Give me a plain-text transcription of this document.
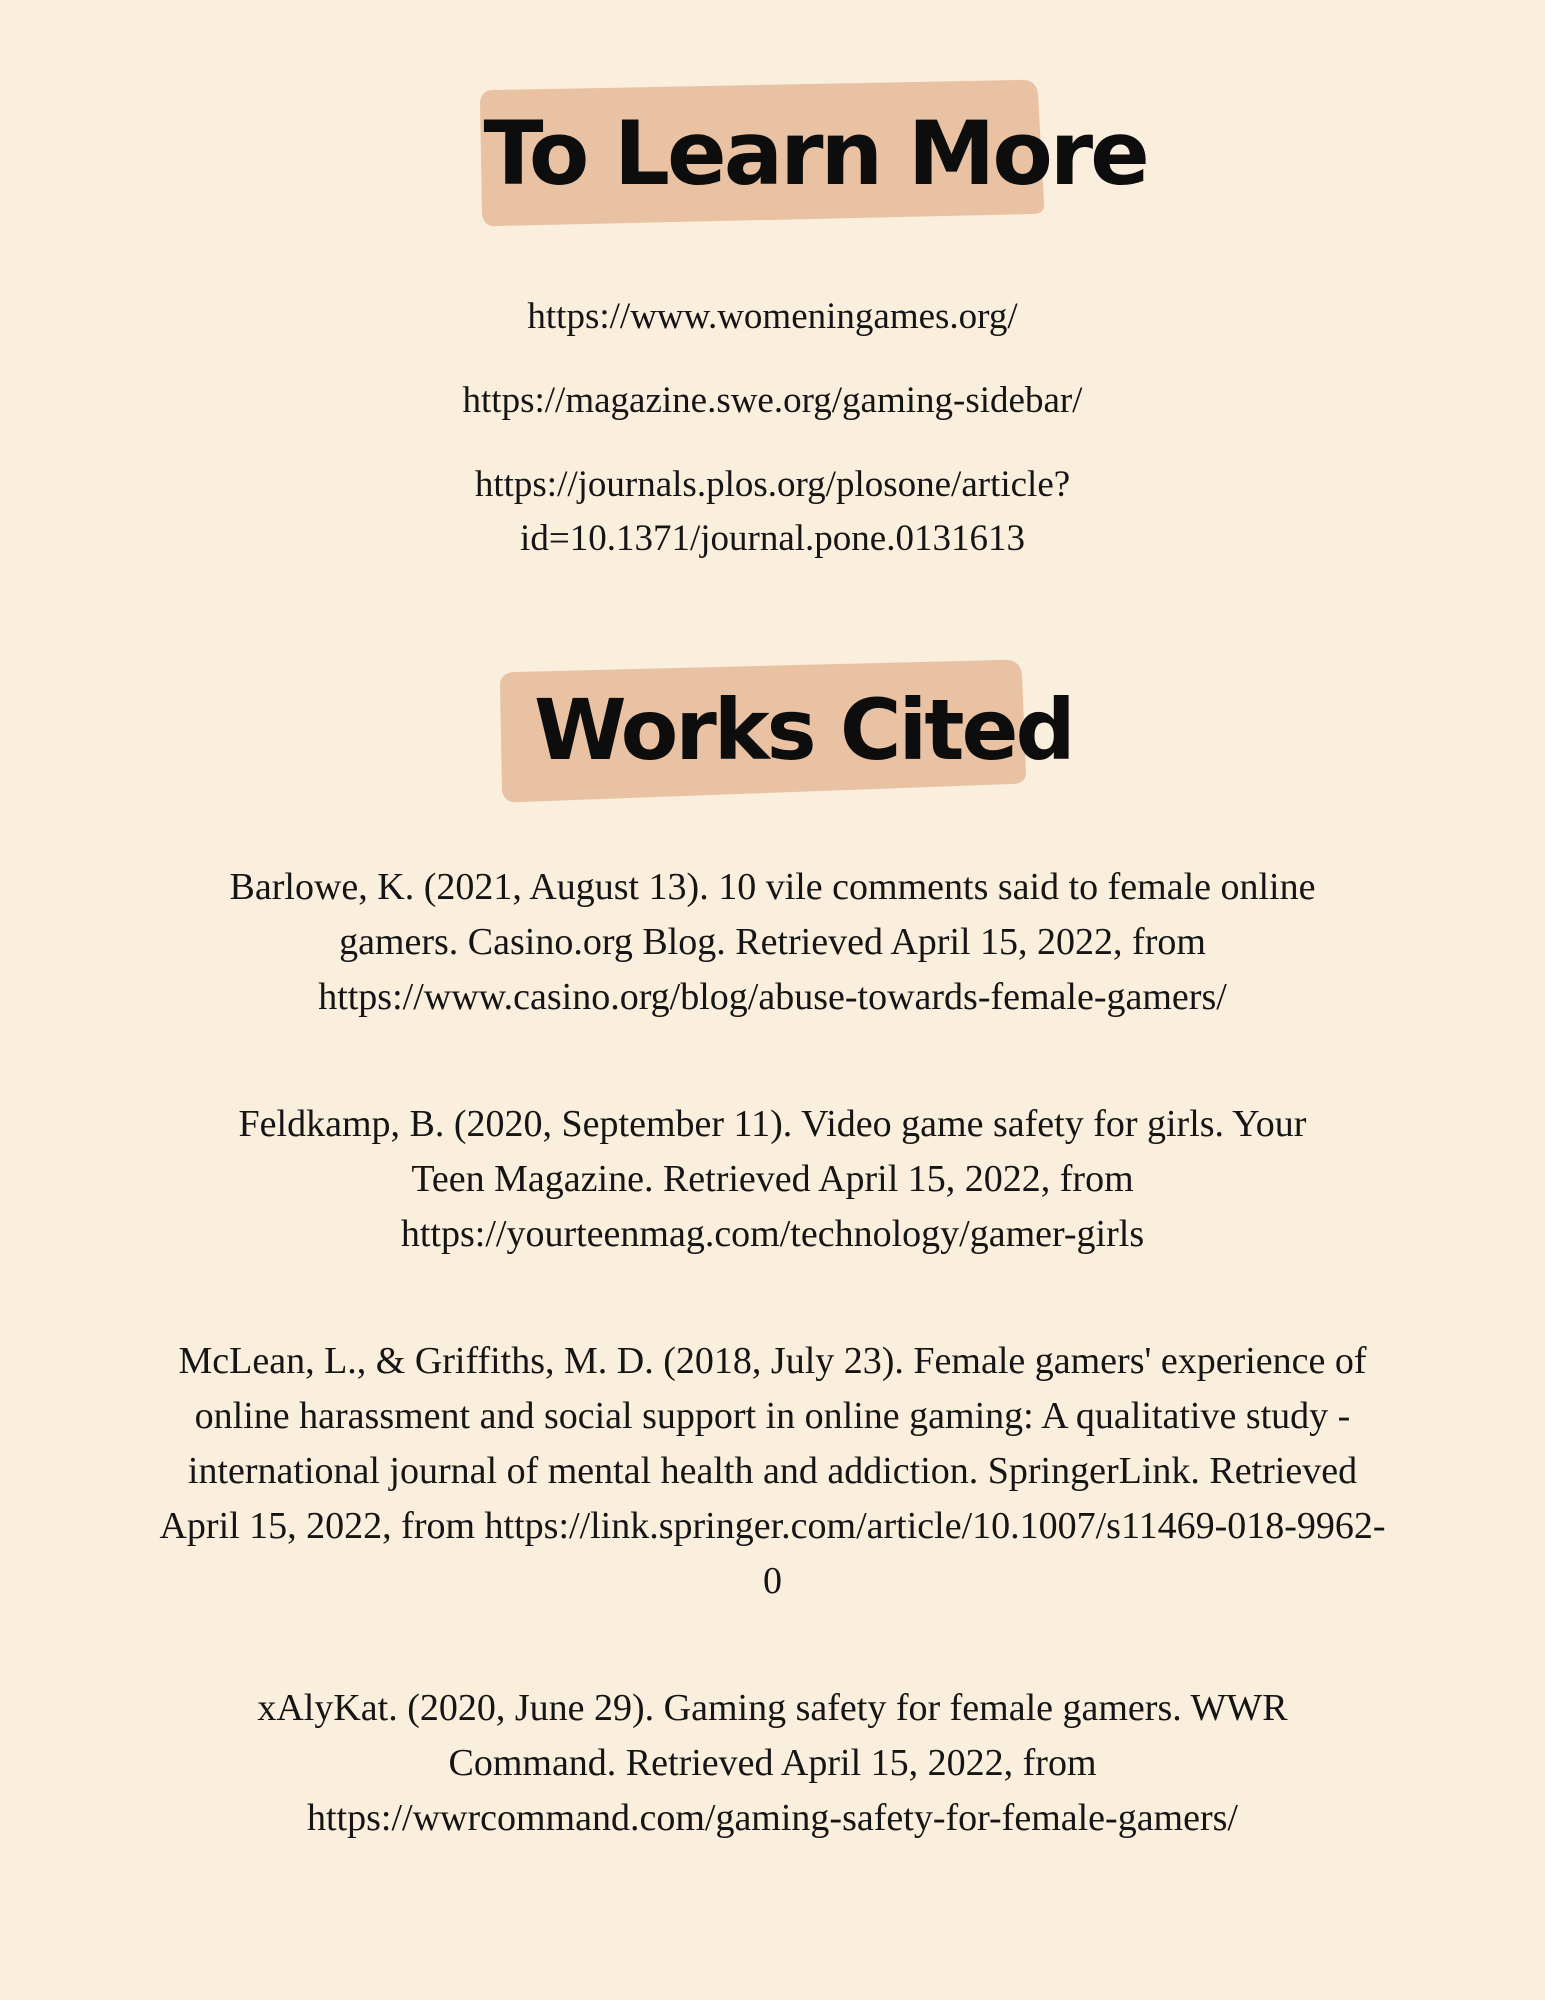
To Learn More
https://www.womeningames.org/
https://magazine.swe.org/gaming-sidebar/
https://journals.plos.org/plosone/article?id=10.1371/journal.pone.0131613
Works Cited

Barlowe, K. (2021, August 13). 10 vile comments said to female online gamers. Casino.org Blog. Retrieved April 15, 2022, from https://www.casino.org/blog/abuse-towards-female-gamers/

Feldkamp, B. (2020, September 11). Video game safety for girls. Your Teen Magazine. Retrieved April 15, 2022, from https://yourteenmag.com/technology/gamer-girls

McLean, L., & Griffiths, M. D. (2018, July 23). Female gamers' experience of online harassment and social support in online gaming: A qualitative study - international journal of mental health and addiction. SpringerLink. Retrieved April 15, 2022, from https://link.springer.com/article/10.1007/s11469-018-9962-0

xAlyKat. (2020, June 29). Gaming safety for female gamers. WWR Command. Retrieved April 15, 2022, from https://wwrcommand.com/gaming-safety-for-female-gamers/
